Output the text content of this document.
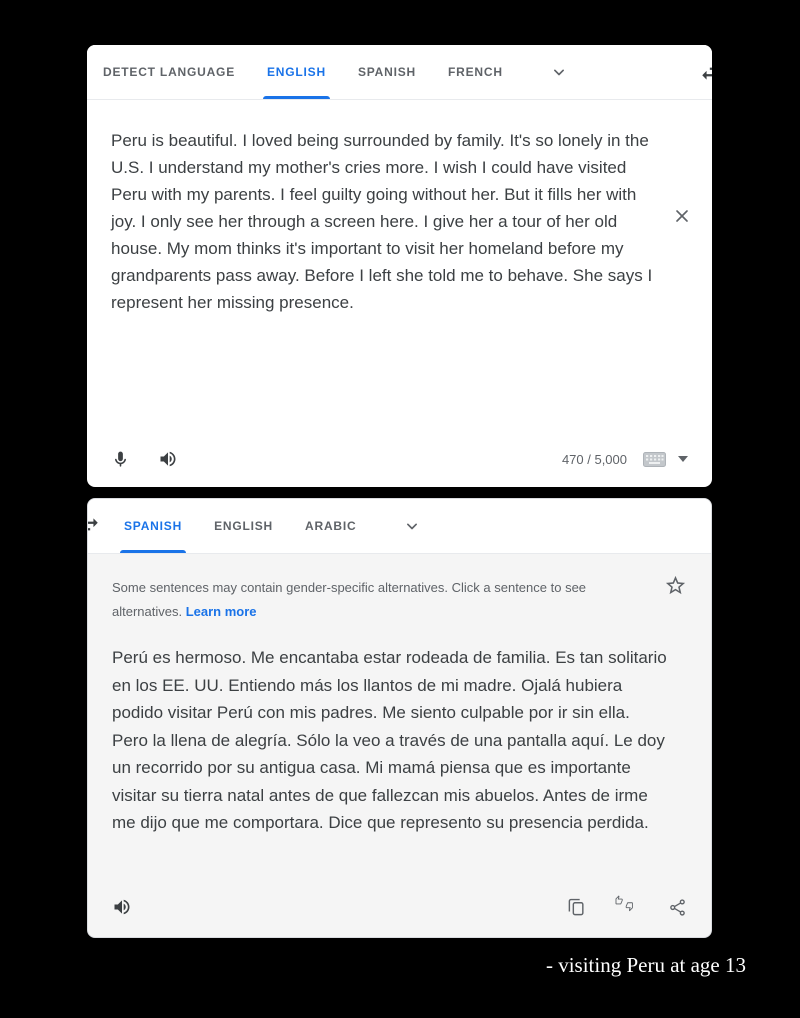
DETECT LANGUAGE	ENGLISH	SPANISH	FRENCH
Peru is beautiful. I loved being surrounded by family. It's so lonely in the U.S. I understand my mother's cries more. I wish I could have visited Peru with my parents. I feel guilty going without her. But it fills her with joy. I only see her through a screen here. I give her a tour of her old house. My mom thinks it's important to visit her homeland before my grandparents pass away. Before I left she told me to behave. She says I represent her missing presence.
470 / 5,000
SPANISH	ENGLISH	ARABIC
Some sentences may contain gender-specific alternatives. Click a sentence to see alternatives. Learn more
Perú es hermoso. Me encantaba estar rodeada de familia. Es tan solitario en los EE. UU. Entiendo más los llantos de mi madre. Ojalá hubiera podido visitar Perú con mis padres. Me siento culpable por ir sin ella. Pero la llena de alegría. Sólo la veo a través de una pantalla aquí. Le doy un recorrido por su antigua casa. Mi mamá piensa que es importante visitar su tierra natal antes de que fallezcan mis abuelos. Antes de irme me dijo que me comportara. Dice que represento su presencia perdida.
- visiting Peru at age 13
